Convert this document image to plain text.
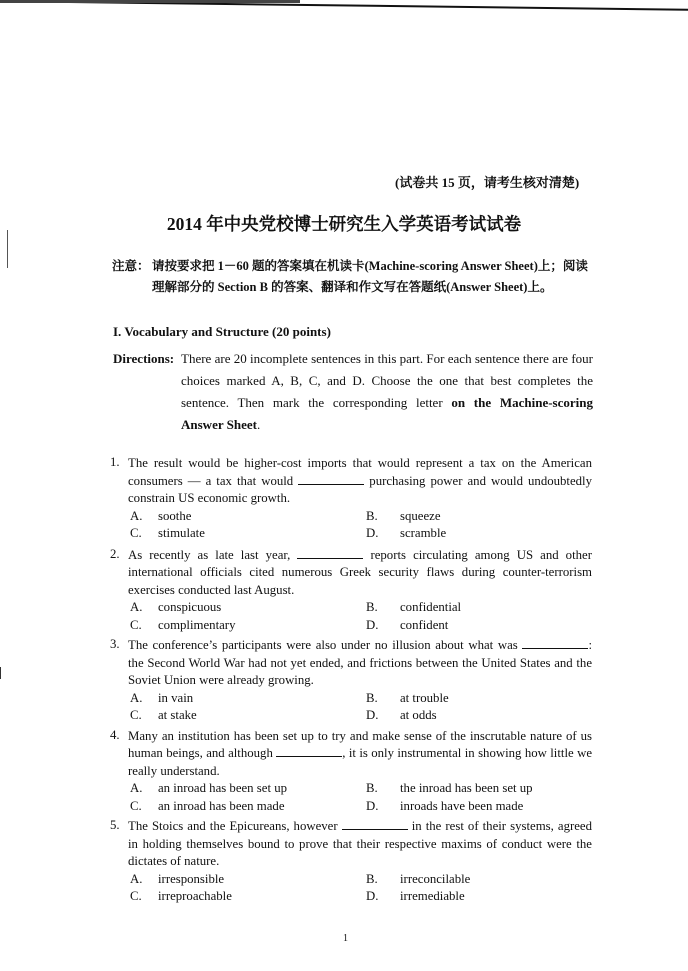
(试卷共 15 页，请考生核对清楚)
2014 年中央党校博士研究生入学英语考试试卷
注意： 请按要求把 1－60 题的答案填在机读卡(Machine-scoring Answer Sheet)上；阅读理解部分的 Section B 的答案、翻译和作文写在答题纸(Answer Sheet)上。
I. Vocabulary and Structure (20 points)
Directions: There are 20 incomplete sentences in this part. For each sentence there are four choices marked A, B, C, and D. Choose the one that best completes the sentence. Then mark the corresponding letter on the Machine-scoring Answer Sheet.
1. The result would be higher-cost imports that would represent a tax on the American consumers — a tax that would	purchasing power and would undoubtedly constrain US economic growth.
A.	soothe	B.	squeeze
C.	stimulate	D.	scramble
2. As recently as late last year,	reports circulating among US and other international officials cited numerous Greek security flaws during counter-terrorism exercises conducted last August.
A.	conspicuous	B.	confidential
C.	complimentary	D.	confident
3. The conference’s participants were also under no illusion about what was	: the Second World War had not yet ended, and frictions between the United States and the Soviet Union were already growing.
A.	in vain	B.	at trouble
C.	at stake	D.	at odds
4. Many an institution has been set up to try and make sense of the inscrutable nature of us human beings, and although	, it is only instrumental in showing how little we really understand.
A.	an inroad has been set up	B.	the inroad has been set up
C.	an inroad has been made	D.	inroads have been made
5. The Stoics and the Epicureans, however	in the rest of their systems, agreed in holding themselves bound to prove that their respective maxims of conduct were the dictates of nature.
A.	irresponsible	B.	irreconcilable
C.	irreproachable	D.	irremediable
1
